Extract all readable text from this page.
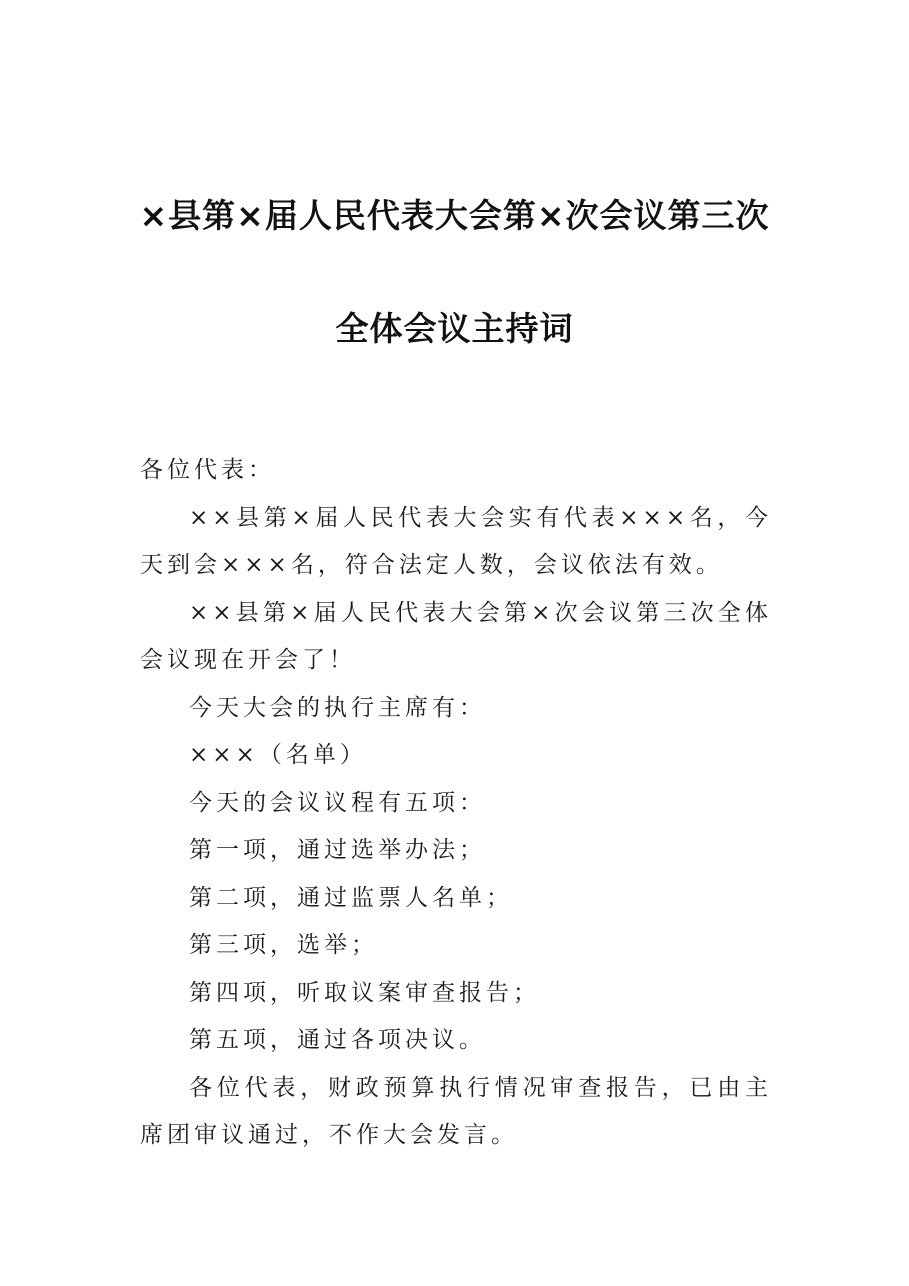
×县第×届人民代表大会第×次会议第三次
全体会议主持词

各位代表：

××县第×届人民代表大会实有代表×××名，今天到会×××名，符合法定人数，会议依法有效。

××县第×届人民代表大会第×次会议第三次全体会议现在开会了！

今天大会的执行主席有：

×××（名单）

今天的会议议程有五项：

第一项，通过选举办法；

第二项，通过监票人名单；

第三项，选举；

第四项，听取议案审查报告；

第五项，通过各项决议。

各位代表，财政预算执行情况审查报告，已由主席团审议通过，不作大会发言。
